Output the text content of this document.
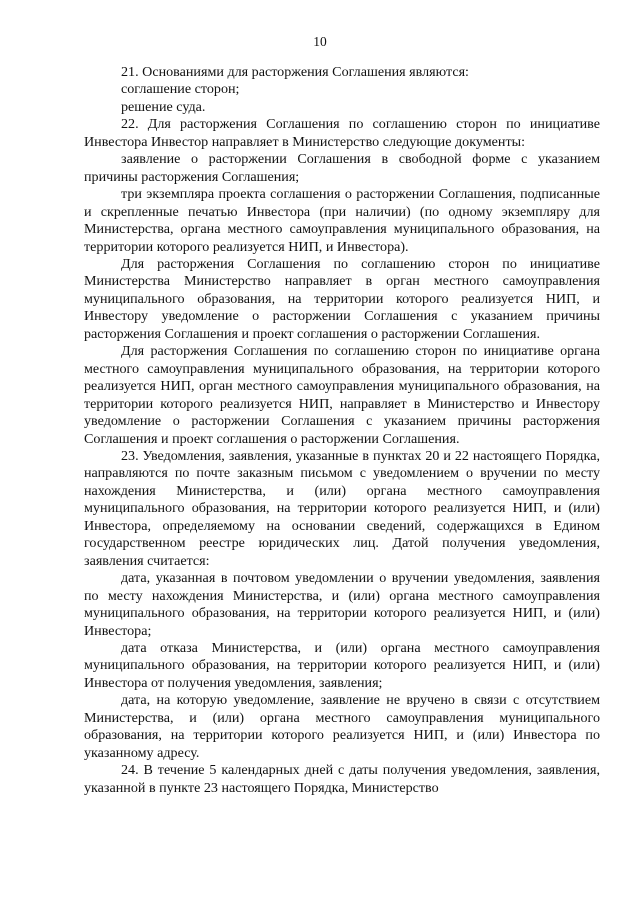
10

21. Основаниями для расторжения Соглашения являются:

соглашение сторон;

решение суда.

22. Для расторжения Соглашения по соглашению сторон по инициативе Инвестора Инвестор направляет в Министерство следующие документы:

заявление о расторжении Соглашения в свободной форме с указанием причины расторжения Соглашения;

три экземпляра проекта соглашения о расторжении Соглашения, подписанные и скрепленные печатью Инвестора (при наличии) (по одному экземпляру для Министерства, органа местного самоуправления муниципального образования, на территории которого реализуется НИП, и Инвестора).

Для расторжения Соглашения по соглашению сторон по инициативе Министерства Министерство направляет в орган местного самоуправления муниципального образования, на территории которого реализуется НИП, и Инвестору уведомление о расторжении Соглашения с указанием причины расторжения Соглашения и проект соглашения о расторжении Соглашения.

Для расторжения Соглашения по соглашению сторон по инициативе органа местного самоуправления муниципального образования, на территории которого реализуется НИП, орган местного самоуправления муниципального образования, на территории которого реализуется НИП, направляет в Министерство и Инвестору уведомление о расторжении Соглашения с указанием причины расторжения Соглашения и проект соглашения о расторжении Соглашения.

23. Уведомления, заявления, указанные в пунктах 20 и 22 настоящего Порядка, направляются по почте заказным письмом с уведомлением о вручении по месту нахождения Министерства, и (или) органа местного самоуправления муниципального образования, на территории которого реализуется НИП, и (или) Инвестора, определяемому на основании сведений, содержащихся в Едином государственном реестре юридических лиц. Датой получения уведомления, заявления считается:

дата, указанная в почтовом уведомлении о вручении уведомления, заявления по месту нахождения Министерства, и (или) органа местного самоуправления муниципального образования, на территории которого реализуется НИП, и (или) Инвестора;

дата отказа Министерства, и (или) органа местного самоуправления муниципального образования, на территории которого реализуется НИП, и (или) Инвестора от получения уведомления, заявления;

дата, на которую уведомление, заявление не вручено в связи с отсутствием Министерства, и (или) органа местного самоуправления муниципального образования, на территории которого реализуется НИП, и (или) Инвестора по указанному адресу.

24. В течение 5 календарных дней с даты получения уведомления, заявления, указанной в пункте 23 настоящего Порядка, Министерство
